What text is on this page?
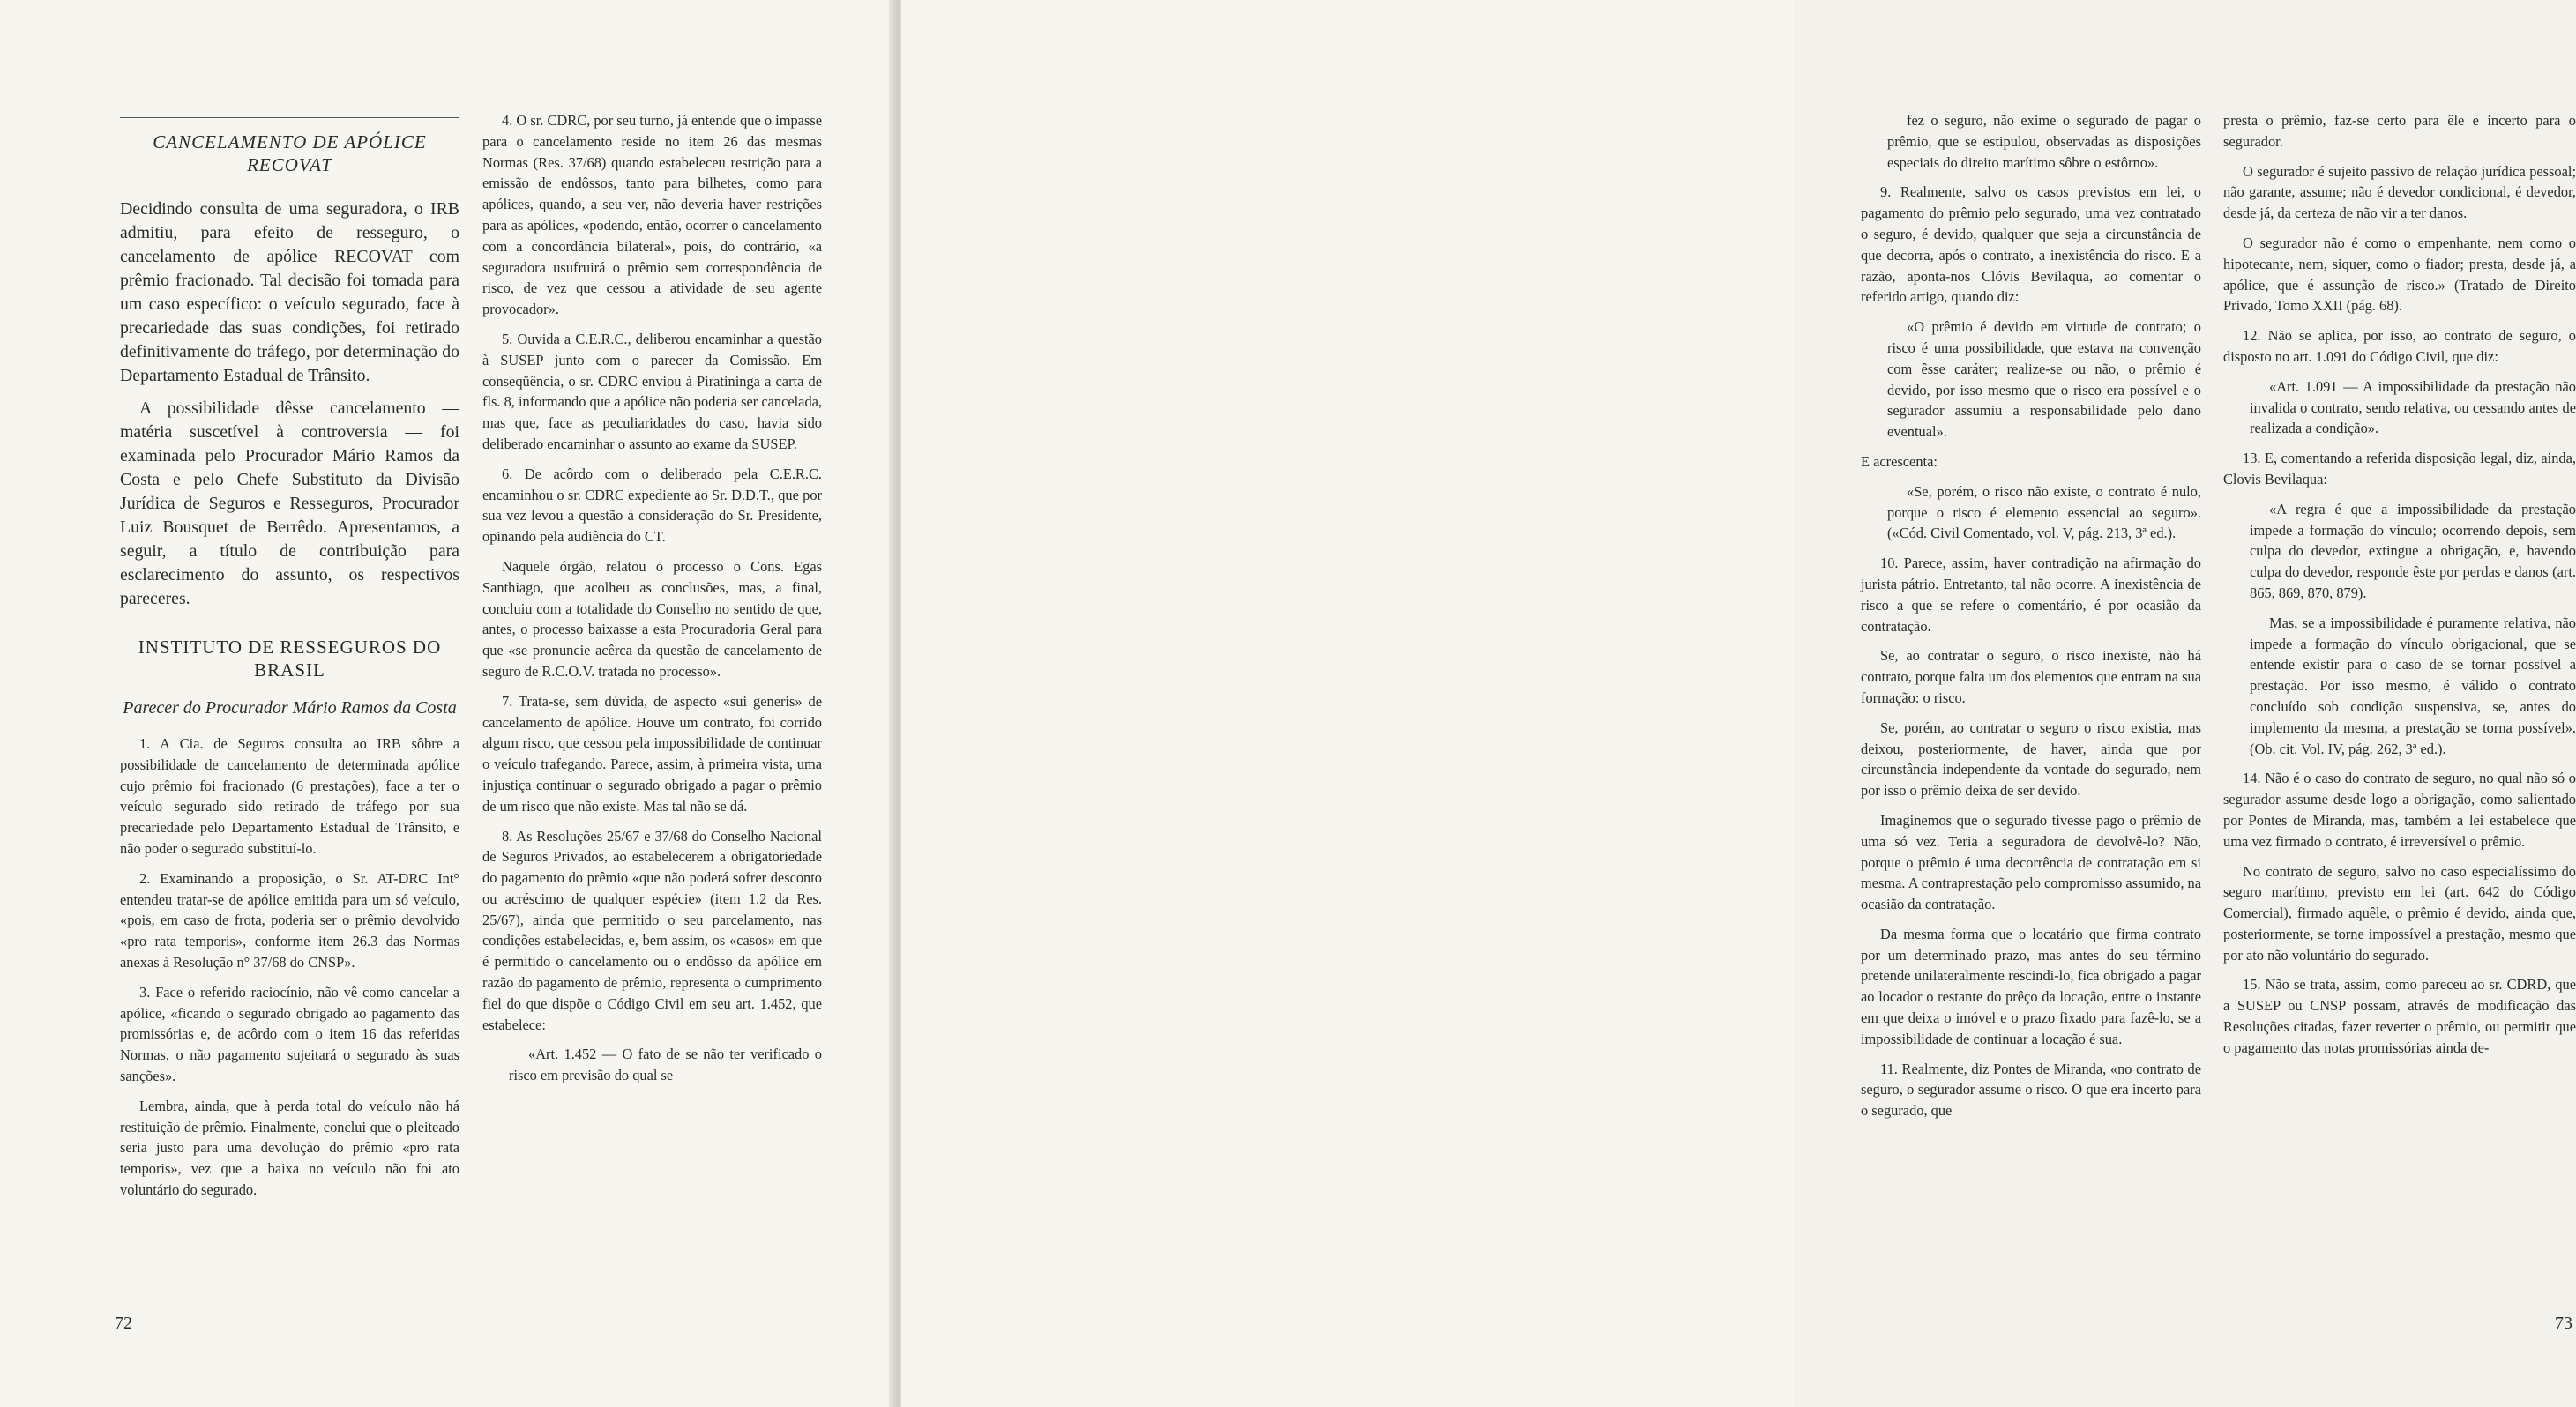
CANCELAMENTO DE APÓLICE RECOVAT

Decidindo consulta de uma seguradora, o IRB admitiu, para efeito de resseguro, o cancelamento de apólice RECOVAT com prêmio fracionado. Tal decisão foi tomada para um caso específico: o veículo segurado, face à precariedade das suas condições, foi retirado definitivamente do tráfego, por determinação do Departamento Estadual de Trânsito.

A possibilidade dêsse cancelamento — matéria suscetível à controversia — foi examinada pelo Procurador Mário Ramos da Costa e pelo Chefe Substituto da Divisão Jurídica de Seguros e Resseguros, Procurador Luiz Bousquet de Berrêdo. Apresentamos, a seguir, a título de contribuição para esclarecimento do assunto, os respectivos pareceres.

INSTITUTO DE RESSEGUROS DO BRASIL
Parecer do Procurador Mário Ramos da Costa

1. A Cia. de Seguros consulta ao IRB sôbre a possibilidade de cancelamento de determinada apólice cujo prêmio foi fracionado (6 prestações), face a ter o veículo segurado sido retirado de tráfego por sua precariedade pelo Departamento Estadual de Trânsito, e não poder o segurado substituí-lo.

2. Examinando a proposição, o Sr. AT-DRC Int° entendeu tratar-se de apólice emitida para um só veículo, «pois, em caso de frota, poderia ser o prêmio devolvido «pro rata temporis», conforme item 26.3 das Normas anexas à Resolução n° 37/68 do CNSP».

3. Face o referido raciocínio, não vê como cancelar a apólice, «ficando o segurado obrigado ao pagamento das promissórias e, de acôrdo com o item 16 das referidas Normas, o não pagamento sujeitará o segurado às suas sanções».

Lembra, ainda, que à perda total do veículo não há restituição de prêmio. Finalmente, conclui que o pleiteado seria justo para uma devolução do prêmio «pro rata temporis», vez que a baixa no veículo não foi ato voluntário do segurado.

4. O sr. CDRC, por seu turno, já entende que o impasse para o cancelamento reside no item 26 das mesmas Normas (Res. 37/68) quando estabeleceu restrição para a emissão de endôssos, tanto para bilhetes, como para apólices, quando, a seu ver, não deveria haver restrições para as apólices, «podendo, então, ocorrer o cancelamento com a concordância bilateral», pois, do contrário, «a seguradora usufruirá o prêmio sem correspondência de risco, de vez que cessou a atividade de seu agente provocador».

5. Ouvida a C.E.R.C., deliberou encaminhar a questão à SUSEP junto com o parecer da Comissão. Em conseqüência, o sr. CDRC enviou à Piratininga a carta de fls. 8, informando que a apólice não poderia ser cancelada, mas que, face as peculiaridades do caso, havia sido deliberado encaminhar o assunto ao exame da SUSEP.

6. De acôrdo com o deliberado pela C.E.R.C. encaminhou o sr. CDRC expediente ao Sr. D.D.T., que por sua vez levou a questão à consideração do Sr. Presidente, opinando pela audiência do CT.

Naquele órgão, relatou o processo o Cons. Egas Santhiago, que acolheu as conclusões, mas, a final, concluiu com a totalidade do Conselho no sentido de que, antes, o processo baixasse a esta Procuradoria Geral para que «se pronuncie acêrca da questão de cancelamento de seguro de R.C.O.V. tratada no processo».

7. Trata-se, sem dúvida, de aspecto «sui generis» de cancelamento de apólice. Houve um contrato, foi corrido algum risco, que cessou pela impossibilidade de continuar o veículo trafegando. Parece, assim, à primeira vista, uma injustiça continuar o segurado obrigado a pagar o prêmio de um risco que não existe. Mas tal não se dá.

8. As Resoluções 25/67 e 37/68 do Conselho Nacional de Seguros Privados, ao estabelecerem a obrigatoriedade do pagamento do prêmio «que não poderá sofrer desconto ou acréscimo de qualquer espécie» (item 1.2 da Res. 25/67), ainda que permitido o seu parcelamento, nas condições estabelecidas, e, bem assim, os «casos» em que é permitido o cancelamento ou o endôsso da apólice em razão do pagamento de prêmio, representa o cumprimento fiel do que dispõe o Código Civil em seu art. 1.452, que estabelece:

«Art. 1.452 — O fato de se não ter verificado o risco em previsão do qual se

72

fez o seguro, não exime o segurado de pagar o prêmio, que se estipulou, observadas as disposições especiais do direito marítimo sôbre o estôrno».

9. Realmente, salvo os casos previstos em lei, o pagamento do prêmio pelo segurado, uma vez contratado o seguro, é devido, qualquer que seja a circunstância de que decorra, após o contrato, a inexistência do risco. E a razão, aponta-nos Clóvis Bevilaqua, ao comentar o referido artigo, quando diz:

«O prêmio é devido em virtude de contrato; o risco é uma possibilidade, que estava na convenção com êsse caráter; realize-se ou não, o prêmio é devido, por isso mesmo que o risco era possível e o segurador assumiu a responsabilidade pelo dano eventual».

E acrescenta:

«Se, porém, o risco não existe, o contrato é nulo, porque o risco é elemento essencial ao seguro». («Cód. Civil Comentado, vol. V, pág. 213, 3ª ed.).

10. Parece, assim, haver contradição na afirmação do jurista pátrio. Entretanto, tal não ocorre. A inexistência de risco a que se refere o comentário, é por ocasião da contratação.

Se, ao contratar o seguro, o risco inexiste, não há contrato, porque falta um dos elementos que entram na sua formação: o risco.

Se, porém, ao contratar o seguro o risco existia, mas deixou, posteriormente, de haver, ainda que por circunstância independente da vontade do segurado, nem por isso o prêmio deixa de ser devido.

Imaginemos que o segurado tivesse pago o prêmio de uma só vez. Teria a seguradora de devolvê-lo? Não, porque o prêmio é uma decorrência de contratação em si mesma. A contraprestação pelo compromisso assumido, na ocasião da contratação.

Da mesma forma que o locatário que firma contrato por um determinado prazo, mas antes do seu término pretende unilateralmente rescindi-lo, fica obrigado a pagar ao locador o restante do prêço da locação, entre o instante em que deixa o imóvel e o prazo fixado para fazê-lo, se a impossibilidade de continuar a locação é sua.

11. Realmente, diz Pontes de Miranda, «no contrato de seguro, o segurador assume o risco. O que era incerto para o segurado, que

presta o prêmio, faz-se certo para êle e incerto para o segurador.

O segurador é sujeito passivo de relação jurídica pessoal; não garante, assume; não é devedor condicional, é devedor, desde já, da certeza de não vir a ter danos.

O segurador não é como o empenhante, nem como o hipotecante, nem, siquer, como o fiador; presta, desde já, a apólice, que é assunção de risco.» (Tratado de Direito Privado, Tomo XXII (pág. 68).

12. Não se aplica, por isso, ao contrato de seguro, o disposto no art. 1.091 do Código Civil, que diz:

«Art. 1.091 — A impossibilidade da prestação não invalida o contrato, sendo relativa, ou cessando antes de realizada a condição».

13. E, comentando a referida disposição legal, diz, ainda, Clovis Bevilaqua:

«A regra é que a impossibilidade da prestação impede a formação do vínculo; ocorrendo depois, sem culpa do devedor, extingue a obrigação, e, havendo culpa do devedor, responde êste por perdas e danos (art. 865, 869, 870, 879).

Mas, se a impossibilidade é puramente relativa, não impede a formação do vínculo obrigacional, que se entende existir para o caso de se tornar possível a prestação. Por isso mesmo, é válido o contrato concluído sob condição suspensiva, se, antes do implemento da mesma, a prestação se torna possível». (Ob. cit. Vol. IV, pág. 262, 3ª ed.).

14. Não é o caso do contrato de seguro, no qual não só o segurador assume desde logo a obrigação, como salientado por Pontes de Miranda, mas, também a lei estabelece que uma vez firmado o contrato, é irreversível o prêmio.

No contrato de seguro, salvo no caso especialíssimo do seguro marítimo, previsto em lei (art. 642 do Código Comercial), firmado aquêle, o prêmio é devido, ainda que, posteriormente, se torne impossível a prestação, mesmo que por ato não voluntário do segurado.

15. Não se trata, assim, como pareceu ao sr. CDRD, que a SUSEP ou CNSP possam, através de modificação das Resoluções citadas, fazer reverter o prêmio, ou permitir que o pagamento das notas promissórias ainda de-

73
